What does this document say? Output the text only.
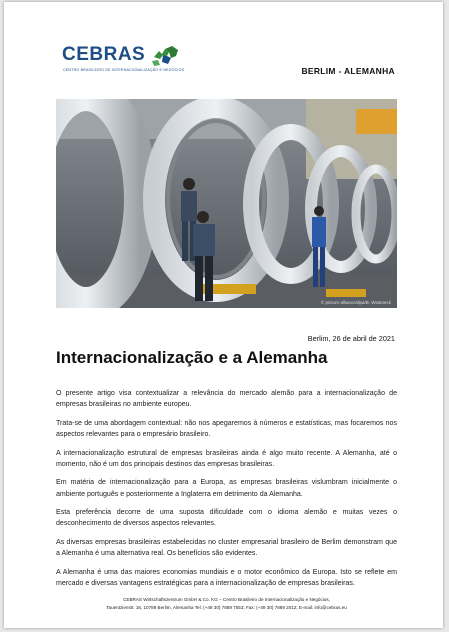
CEBRAS
CENTRO BRASILEIRO DE INTERNACIONALIZAÇÃO E NEGÓCIOS	BERLIM - ALEMANHA
© picture-alliance/dpa/B. Wüstneck
Berlim, 26 de abril de 2021
Internacionalização e a Alemanha

O presente artigo visa contextualizar a relevância do mercado alemão para a internacionalização de empresas brasileiras no ambiente europeu.

Trata-se de uma abordagem contextual: não nos apegaremos à números e estatísticas, mas focaremos nos aspectos relevantes para o empresário brasileiro.

A internacionalização estrutural de empresas brasileiras ainda é algo muito recente. A Alemanha, até o momento, não é um dos principais destinos das empresas brasileiras.

Em matéria de internacionalização para a Europa, as empresas brasileiras vislumbram inicialmente o ambiente português e posteriormente a Inglaterra em detrimento da Alemanha.

Esta preferência decorre de uma suposta dificuldade com o idioma alemão e muitas vezes o desconhecimento de diversos aspectos relevantes.

As diversas empresas brasileiras estabelecidas no cluster empresarial brasileiro de Berlim demonstram que a Alemanha é uma alternativa real. Os benefícios são evidentes.

A Alemanha é uma das maiores economias mundiais e o motor econômico da Europa. Isto se reflete em mercado e diversas vantagens estratégicas para a internacionalização de empresas brasileiras.

CEBRAS Wirtschaftszentrum GmbH & Co. KG – Centro Brasileiro de Internacionalização e Negócios,
Tauentzienstr. 16, 10789 Berlim, Alemanha Tel: (+49 30) 7889 7553; Fax: (+49 30) 7889 2012; E-mail: info@cebras.eu
